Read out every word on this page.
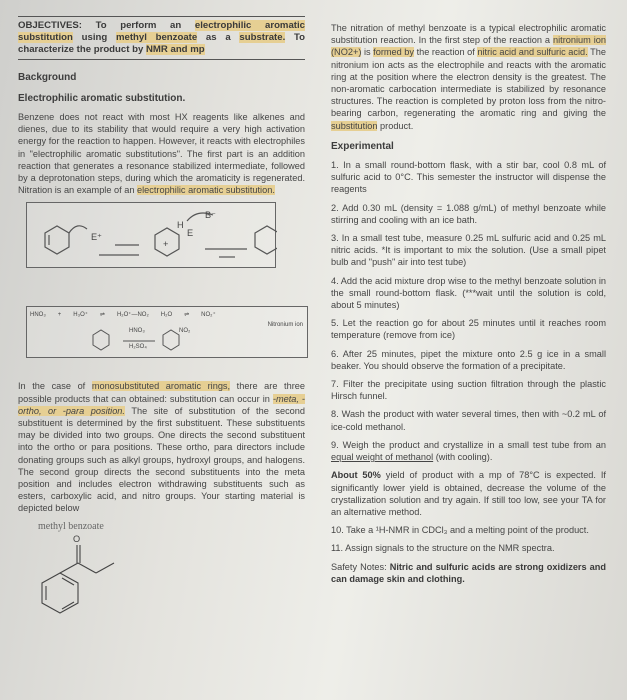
OBJECTIVES: To perform an electrophilic aromatic substitution using methyl benzoate as a substrate. To characterize the product by NMR and mp
Background
Electrophilic aromatic substitution.

Benzene does not react with most HX reagents like alkenes and dienes, due to its stability that would require a very high activation energy for the reaction to happen. However, it reacts with electrophiles in "electrophilic aromatic substitutions". The first part is an addition reaction that generates a resonance stabilized intermediate, followed by a deprotonation steps, during which the aromaticity is regenerated. Nitration is an example of an electrophilic aromatic substitution.

E⁺
B⁻
H
E
+
HNO₃ + H₃O⁺ ⇌ H₂O⁺—NO₂ H₂O ⇌ NO₂⁺
Nitronium ion
HNO₃
H₂SO₄
NO₂

In the case of monosubstituted aromatic rings, there are three possible products that can obtained: substitution can occur in -meta, -ortho, or -para position. The site of substitution of the second substituent is determined by the first substituent. These substituents may be divided into two groups. One directs the second substituent into the ortho or para positions. These ortho, para directors include donating groups such as alkyl groups, hydroxyl groups, and halogens. The second group directs the second substituents into the meta position and includes electron withdrawing substituents such as esters, carboxylic acid, and nitro groups. Your starting material is depicted below

methyl benzoate
O

The nitration of methyl benzoate is a typical electrophilic aromatic substitution reaction. In the first step of the reaction a nitronium ion (NO2+) is formed by the reaction of nitric acid and sulfuric acid. The nitronium ion acts as the electrophile and reacts with the aromatic ring at the position where the electron density is the greatest. The non-aromatic carbocation intermediate is stabilized by resonance structures. The reaction is completed by proton loss from the nitro-bearing carbon, regenerating the aromatic ring and giving the substitution product.

Experimental

1. In a small round-bottom flask, with a stir bar, cool 0.8 mL of sulfuric acid to 0°C. This semester the instructor will dispense the reagents

2. Add 0.30 mL (density = 1.088 g/mL) of methyl benzoate while stirring and cooling with an ice bath.

3. In a small test tube, measure 0.25 mL sulfuric acid and 0.25 mL nitric acids. *It is important to mix the solution. (Use a small pipet bulb and "push" air into test tube)

4. Add the acid mixture drop wise to the methyl benzoate solution in the small round-bottom flask. (***wait until the solution is cold, about 5 minutes)

5. Let the reaction go for about 25 minutes until it reaches room temperature (remove from ice)

6. After 25 minutes, pipet the mixture onto 2.5 g ice in a small beaker. You should observe the formation of a precipitate.

7. Filter the precipitate using suction filtration through the plastic Hirsch funnel.

8. Wash the product with water several times, then with ~0.2 mL of ice-cold methanol.

9. Weigh the product and crystallize in a small test tube from an equal weight of methanol (with cooling).

About 50% yield of product with a mp of 78°C is expected. If significantly lower yield is obtained, decrease the volume of the crystallization solution and try again. If still too low, see your TA for an alternative method.

10. Take a ¹H-NMR in CDCl₃ and a melting point of the product.

11. Assign signals to the structure on the NMR spectra.

Safety Notes: Nitric and sulfuric acids are strong oxidizers and can damage skin and clothing.
